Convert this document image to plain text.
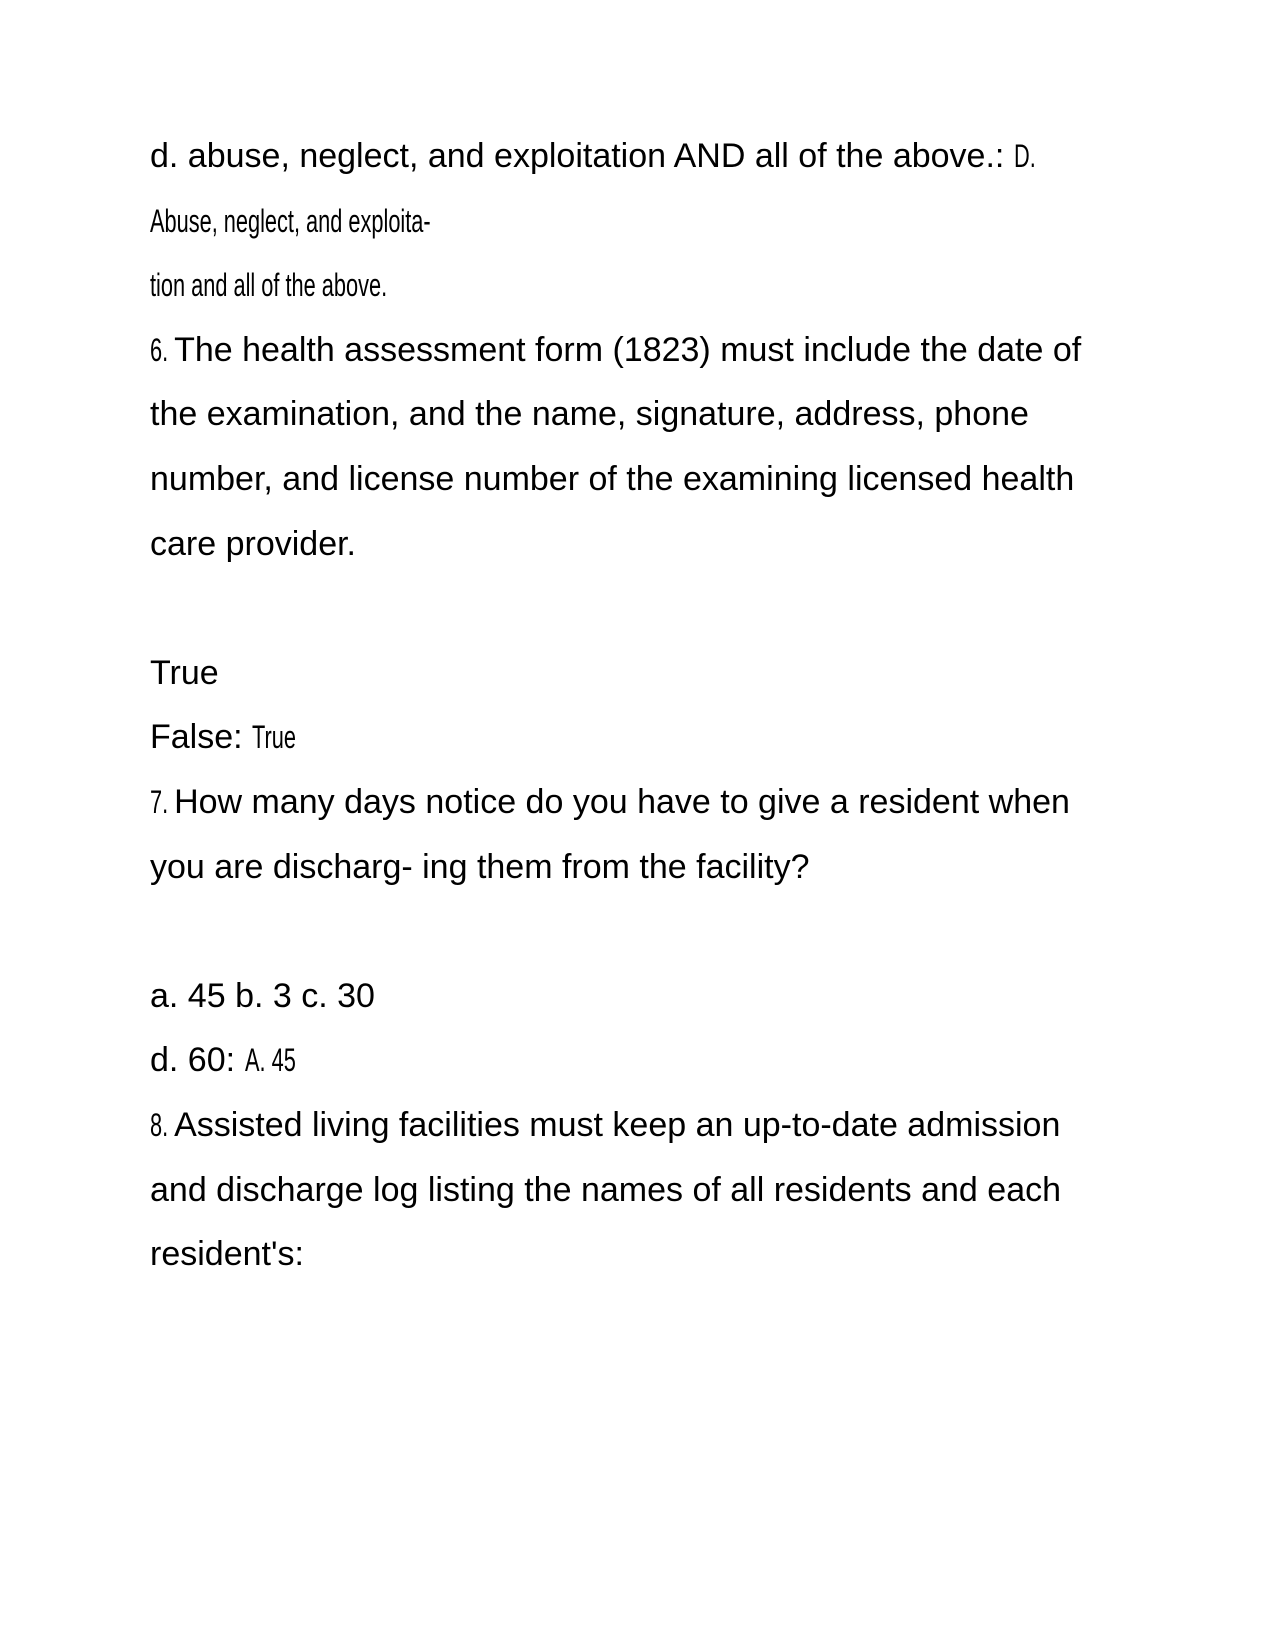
d. abuse, neglect, and exploitation AND all of the above.: D.
Abuse, neglect, and exploita-
tion and all of the above.
6. The health assessment form (1823) must include the date of
the examination, and the name, signature, address, phone
number, and license number of the examining licensed health
care provider.
True
False: True
7. How many days notice do you have to give a resident when
you are discharg- ing them from the facility?
a. 45 b. 3 c. 30
d. 60: A. 45
8. Assisted living facilities must keep an up-to-date admission
and discharge log listing the names of all residents and each
resident's:
